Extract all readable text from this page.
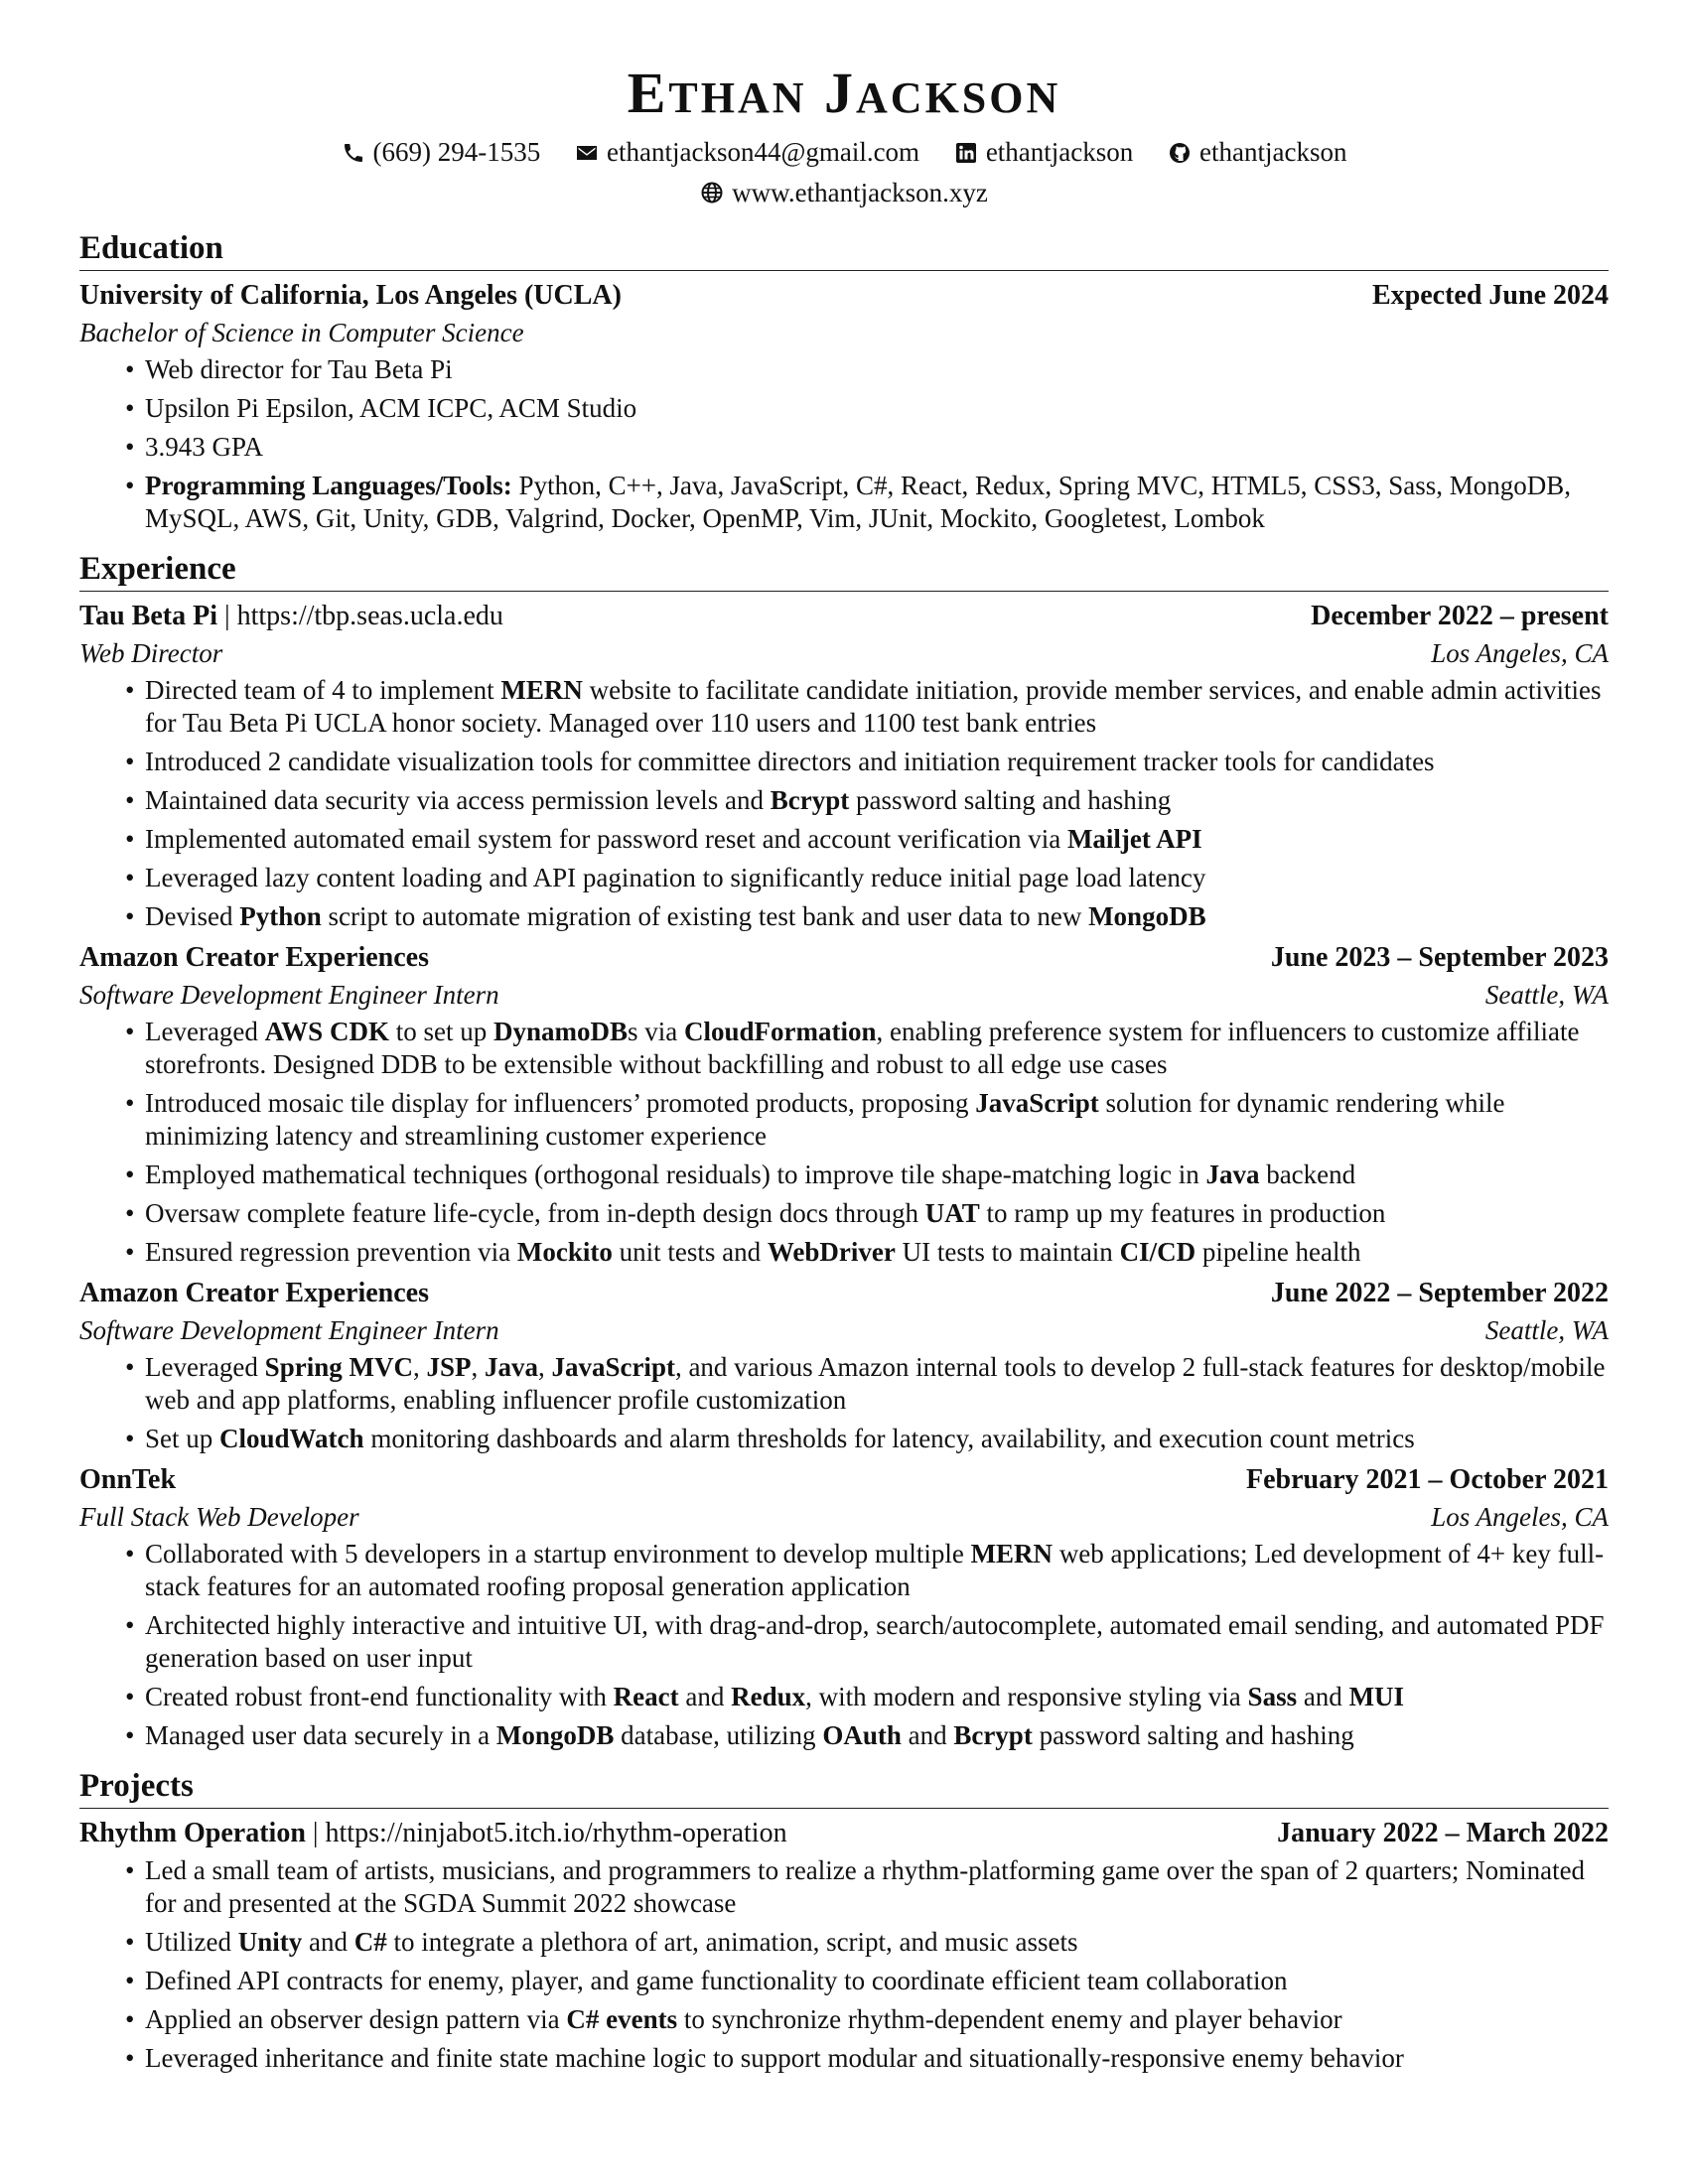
ETHAN JACKSON
(669) 294-1535
ethantjackson44@gmail.com
ethantjackson
ethantjackson
www.ethantjackson.xyz
Education
University of California, Los Angeles (UCLA)	Expected June 2024
Bachelor of Science in Computer Science
• Web director for Tau Beta Pi
• Upsilon Pi Epsilon, ACM ICPC, ACM Studio
• 3.943 GPA
• Programming Languages/Tools: Python, C++, Java, JavaScript, C#, React, Redux, Spring MVC, HTML5, CSS3, Sass, MongoDB, MySQL, AWS, Git, Unity, GDB, Valgrind, Docker, OpenMP, Vim, JUnit, Mockito, Googletest, Lombok
Experience
Tau Beta Pi | https://tbp.seas.ucla.edu	December 2022 – present
Web Director	Los Angeles, CA
• Directed team of 4 to implement MERN website to facilitate candidate initiation, provide member services, and enable admin activities for Tau Beta Pi UCLA honor society. Managed over 110 users and 1100 test bank entries
• Introduced 2 candidate visualization tools for committee directors and initiation requirement tracker tools for candidates
• Maintained data security via access permission levels and Bcrypt password salting and hashing
• Implemented automated email system for password reset and account verification via Mailjet API
• Leveraged lazy content loading and API pagination to significantly reduce initial page load latency
• Devised Python script to automate migration of existing test bank and user data to new MongoDB
Amazon Creator Experiences	June 2023 – September 2023
Software Development Engineer Intern	Seattle, WA
• Leveraged AWS CDK to set up DynamoDBs via CloudFormation, enabling preference system for influencers to customize affiliate storefronts. Designed DDB to be extensible without backfilling and robust to all edge use cases
• Introduced mosaic tile display for influencers’ promoted products, proposing JavaScript solution for dynamic rendering while minimizing latency and streamlining customer experience
• Employed mathematical techniques (orthogonal residuals) to improve tile shape-matching logic in Java backend
• Oversaw complete feature life-cycle, from in-depth design docs through UAT to ramp up my features in production
• Ensured regression prevention via Mockito unit tests and WebDriver UI tests to maintain CI/CD pipeline health
Amazon Creator Experiences	June 2022 – September 2022
Software Development Engineer Intern	Seattle, WA
• Leveraged Spring MVC, JSP, Java, JavaScript, and various Amazon internal tools to develop 2 full-stack features for desktop/mobile web and app platforms, enabling influencer profile customization
• Set up CloudWatch monitoring dashboards and alarm thresholds for latency, availability, and execution count metrics
OnnTek	February 2021 – October 2021
Full Stack Web Developer	Los Angeles, CA
• Collaborated with 5 developers in a startup environment to develop multiple MERN web applications; Led development of 4+ key full-stack features for an automated roofing proposal generation application
• Architected highly interactive and intuitive UI, with drag-and-drop, search/autocomplete, automated email sending, and automated PDF generation based on user input
• Created robust front-end functionality with React and Redux, with modern and responsive styling via Sass and MUI
• Managed user data securely in a MongoDB database, utilizing OAuth and Bcrypt password salting and hashing
Projects
Rhythm Operation | https://ninjabot5.itch.io/rhythm-operation	January 2022 – March 2022
• Led a small team of artists, musicians, and programmers to realize a rhythm-platforming game over the span of 2 quarters; Nominated for and presented at the SGDA Summit 2022 showcase
• Utilized Unity and C# to integrate a plethora of art, animation, script, and music assets
• Defined API contracts for enemy, player, and game functionality to coordinate efficient team collaboration
• Applied an observer design pattern via C# events to synchronize rhythm-dependent enemy and player behavior
• Leveraged inheritance and finite state machine logic to support modular and situationally-responsive enemy behavior
